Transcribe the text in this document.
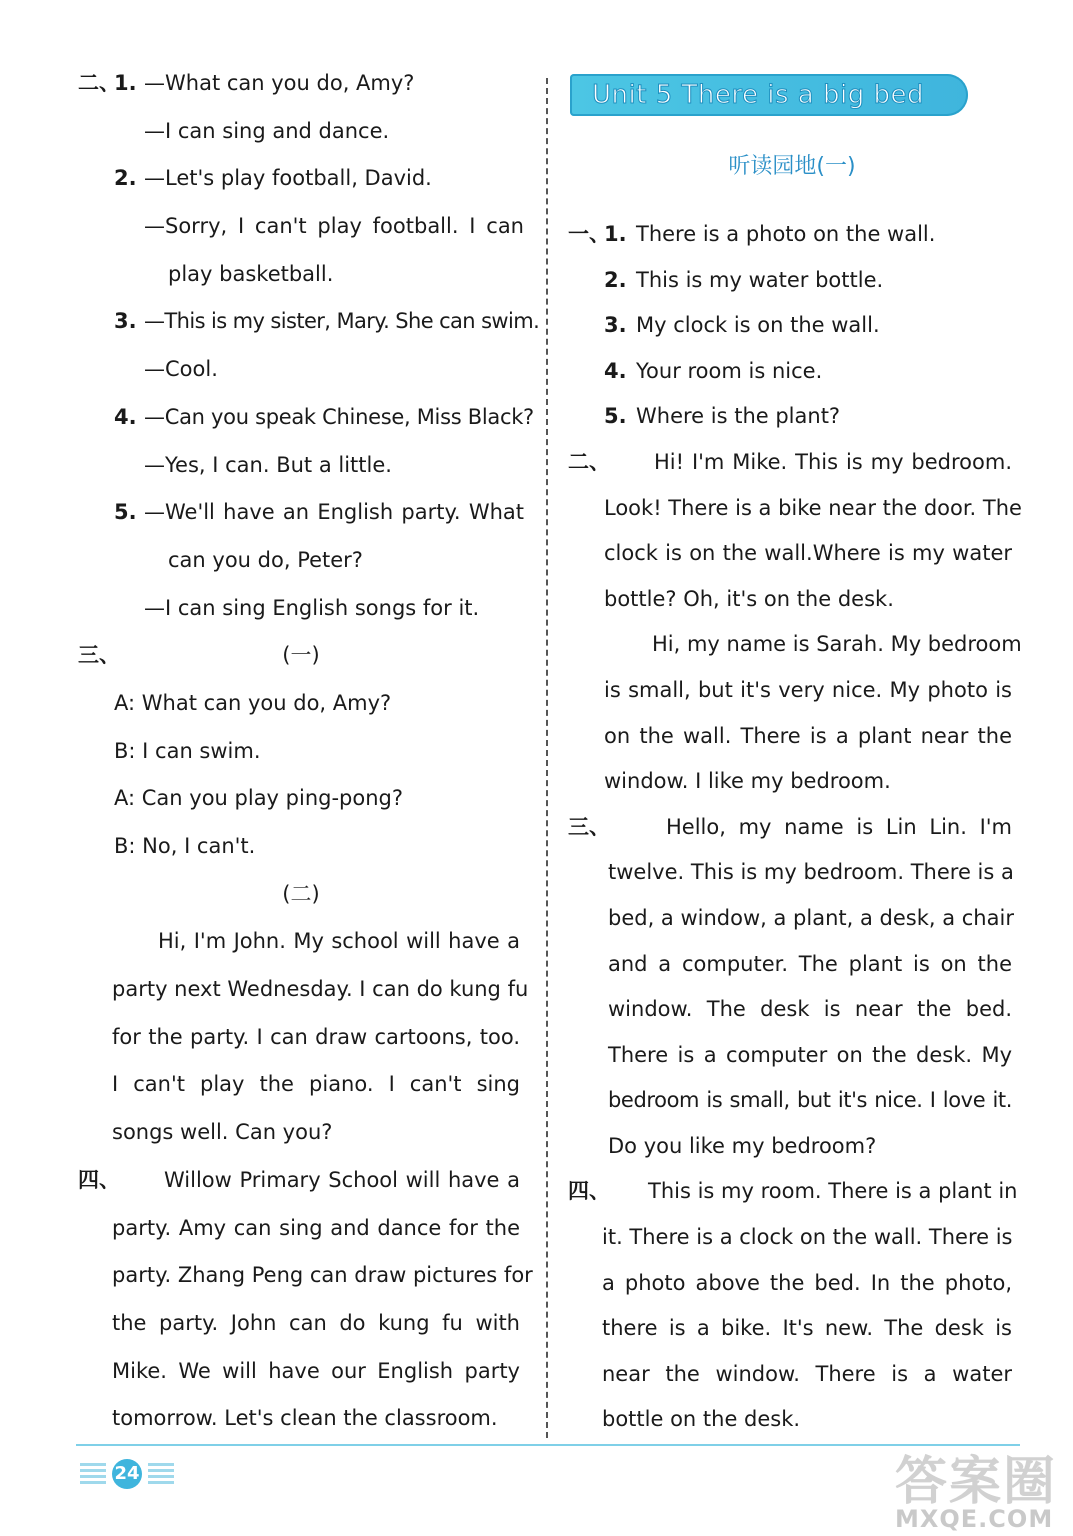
二、
1. —What can you do, Amy?
—I can sing and dance.
2. —Let's play football, David.
—Sorry, I can't play football. I can
play basketball.
3. —This is my sister, Mary. She can swim.
—Cool.
4. —Can you speak Chinese, Miss Black?
—Yes, I can. But a little.
5. —We'll have an English party. What
can you do, Peter?
—I can sing English songs for it.
三、	(一)
A: What can you do, Amy?
B: I can swim.
A: Can you play ping-pong?
B: No, I can't.
(二)
Hi, I'm John. My school will have a
party next Wednesday. I can do kung fu
for the party. I can draw cartoons, too.
I can't play the piano. I can't sing
songs well. Can you?
四、 Willow Primary School will have a
party. Amy can sing and dance for the
party. Zhang Peng can draw pictures for
the party. John can do kung fu with
Mike. We will have our English party
tomorrow. Let's clean the classroom.
Unit 5 There is a big bed
听读园地(一)
一、
1. There is a photo on the wall.
2. This is my water bottle.
3. My clock is on the wall.
4. Your room is nice.
5. Where is the plant?
二、 Hi! I'm Mike. This is my bedroom.
Look! There is a bike near the door. The
clock is on the wall.Where is my water
bottle? Oh, it's on the desk.
Hi, my name is Sarah. My bedroom
is small, but it's very nice. My photo is
on the wall. There is a plant near the
window. I like my bedroom.
三、	Hello, my name is Lin Lin. I'm
twelve. This is my bedroom. There is a
bed, a window, a plant, a desk, a chair
and a computer. The plant is on the
window. The desk is near the bed.
There is a computer on the desk. My
bedroom is small, but it's nice. I love it.
Do you like my bedroom?
四、 This is my room. There is a plant in
it. There is a clock on the wall. There is
a photo above the bed. In the photo,
there is a bike. It's new. The desk is
near the window. There is a water
bottle on the desk.
24	答案圈
MXQE.COM
